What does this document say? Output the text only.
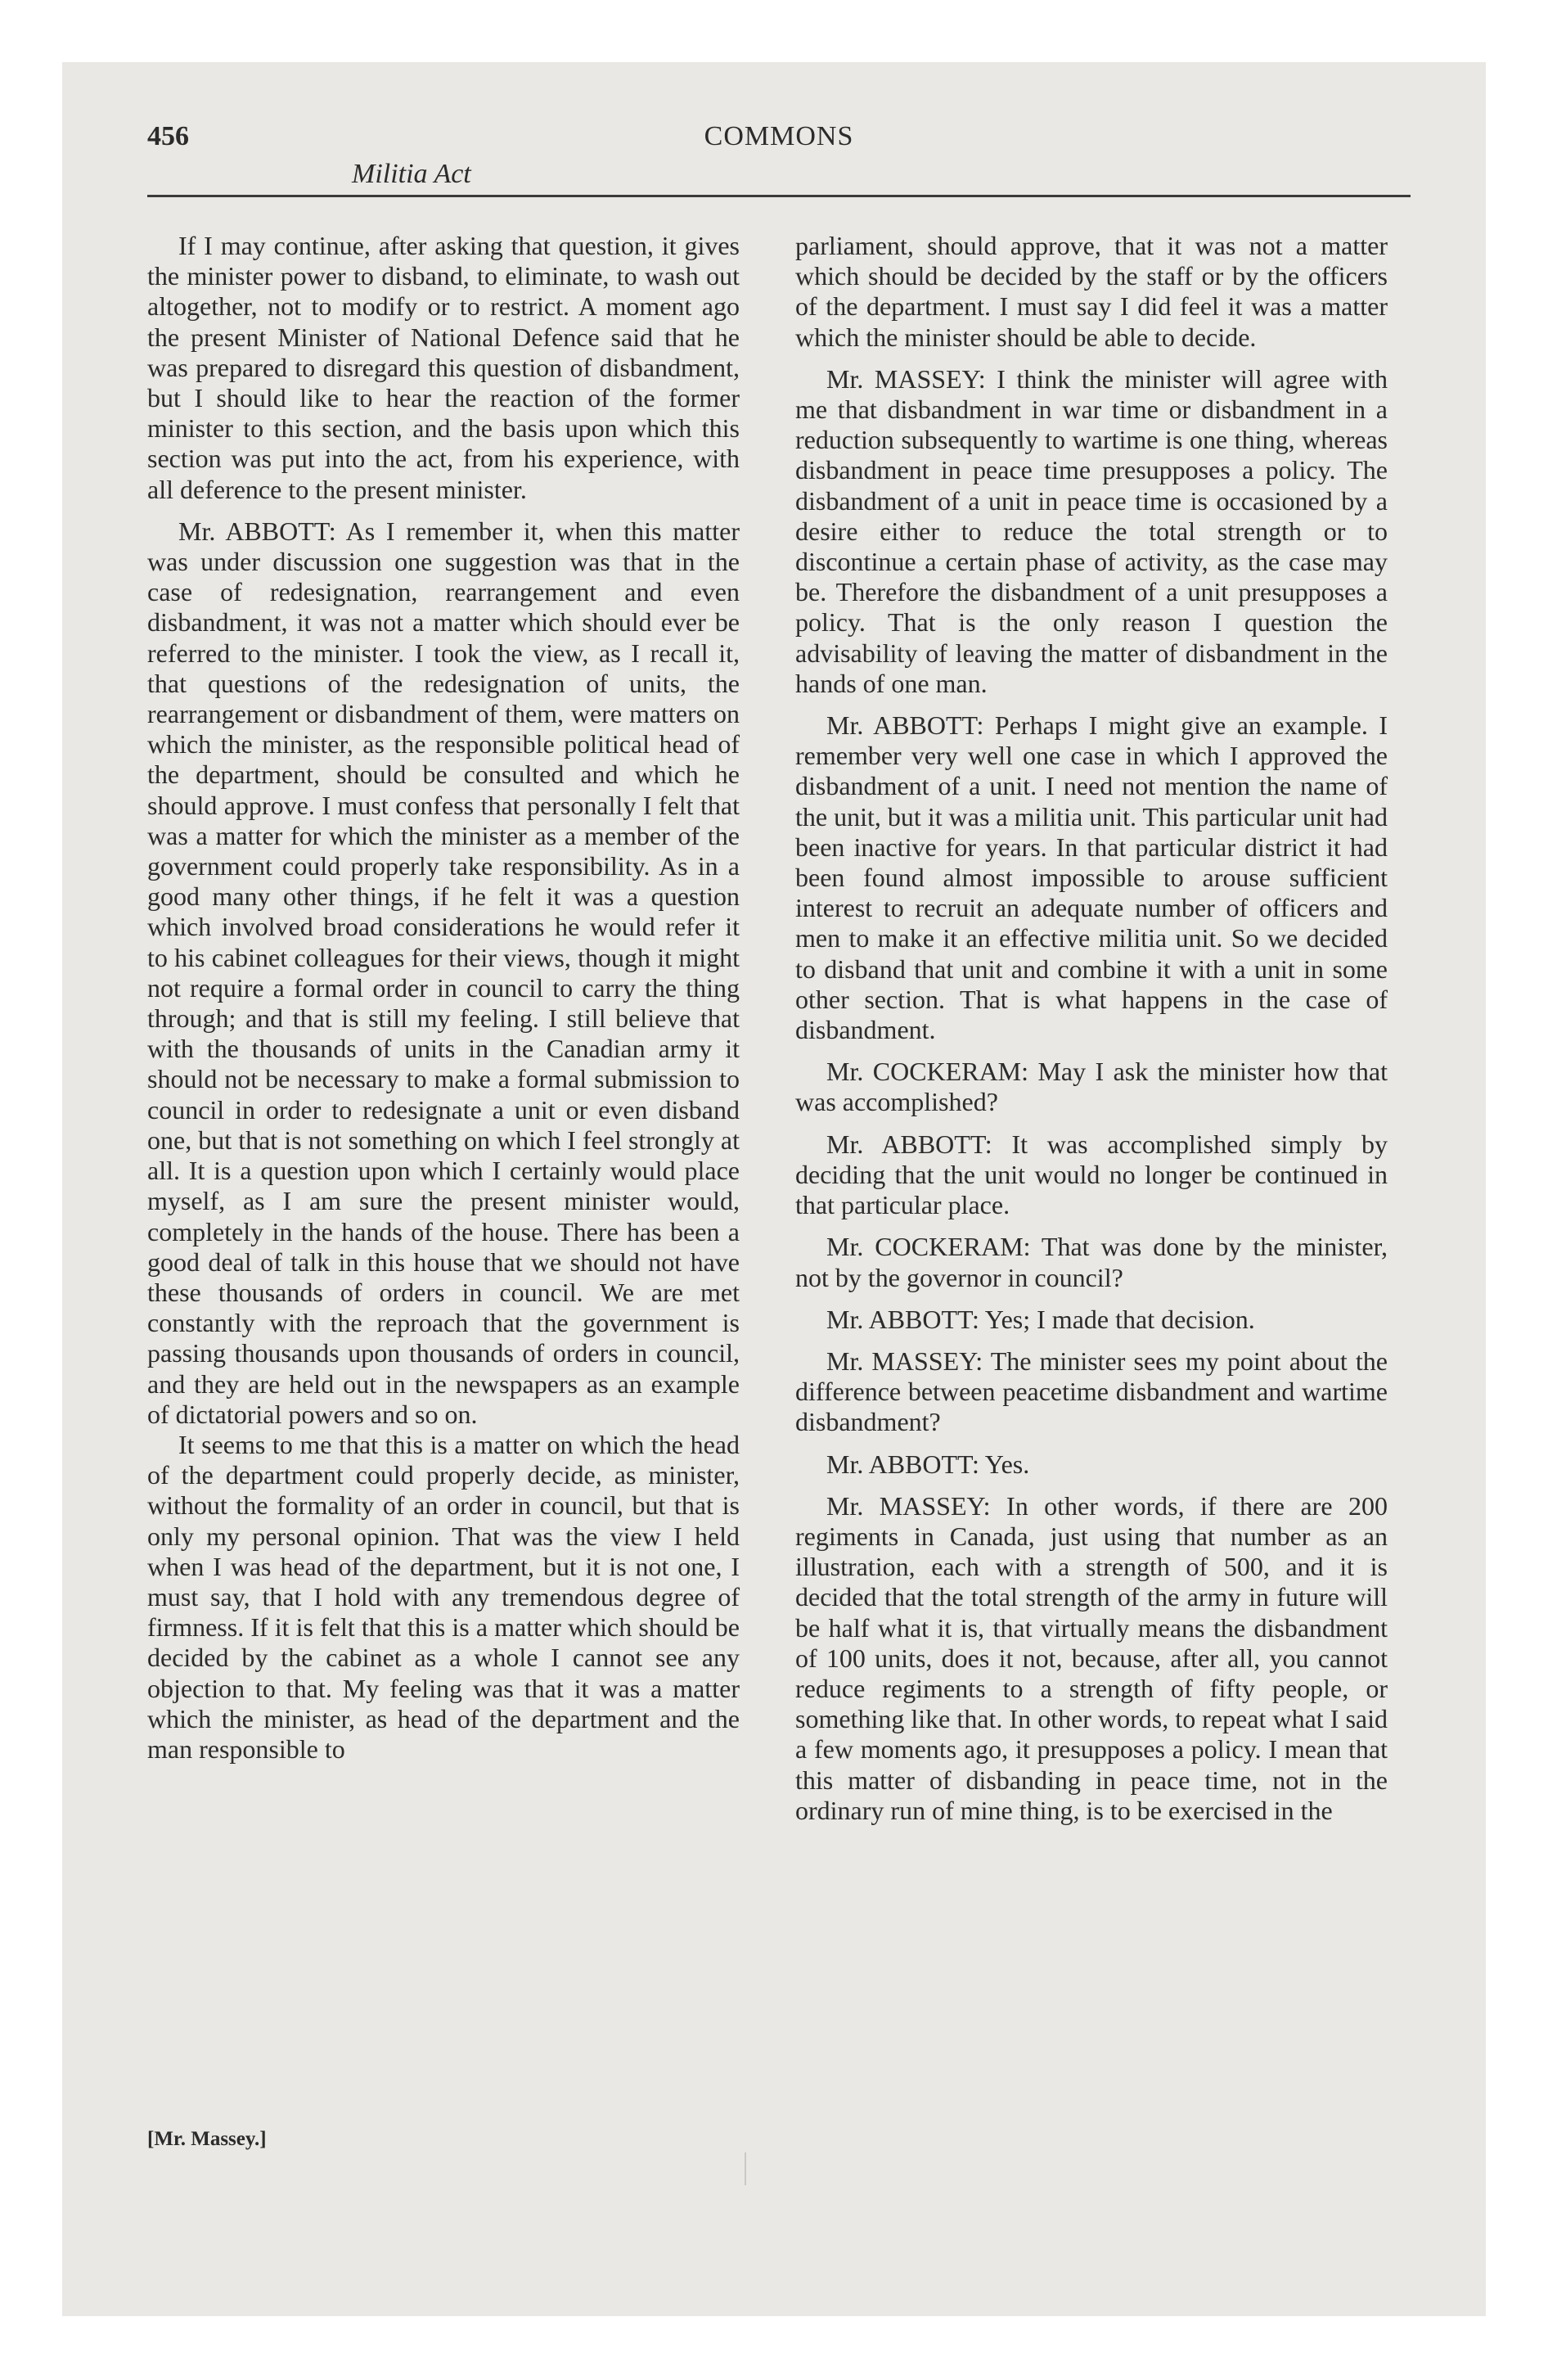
456	COMMONS
Militia Act

If I may continue, after asking that question, it gives the minister power to disband, to eliminate, to wash out altogether, not to modify or to restrict. A moment ago the present Minister of National Defence said that he was prepared to disregard this question of disbandment, but I should like to hear the reaction of the former minister to this section, and the basis upon which this section was put into the act, from his experience, with all deference to the present minister.

Mr. ABBOTT: As I remember it, when this matter was under discussion one suggestion was that in the case of redesignation, rearrangement and even disbandment, it was not a matter which should ever be referred to the minister. I took the view, as I recall it, that questions of the redesignation of units, the rearrangement or disbandment of them, were matters on which the minister, as the responsible political head of the department, should be consulted and which he should approve. I must confess that personally I felt that was a matter for which the minister as a member of the government could properly take responsibility. As in a good many other things, if he felt it was a question which involved broad considerations he would refer it to his cabinet colleagues for their views, though it might not require a formal order in council to carry the thing through; and that is still my feeling. I still believe that with the thousands of units in the Canadian army it should not be necessary to make a formal submission to council in order to redesignate a unit or even disband one, but that is not something on which I feel strongly at all. It is a question upon which I certainly would place myself, as I am sure the present minister would, completely in the hands of the house. There has been a good deal of talk in this house that we should not have these thousands of orders in council. We are met constantly with the reproach that the government is passing thousands upon thousands of orders in council, and they are held out in the newspapers as an example of dictatorial powers and so on.

It seems to me that this is a matter on which the head of the department could properly decide, as minister, without the formality of an order in council, but that is only my personal opinion. That was the view I held when I was head of the department, but it is not one, I must say, that I hold with any tremendous degree of firmness. If it is felt that this is a matter which should be decided by the cabinet as a whole I cannot see any objection to that. My feeling was that it was a matter which the minister, as head of the department and the man responsible to

parliament, should approve, that it was not a matter which should be decided by the staff or by the officers of the department. I must say I did feel it was a matter which the minister should be able to decide.

Mr. MASSEY: I think the minister will agree with me that disbandment in war time or disbandment in a reduction subsequently to wartime is one thing, whereas disbandment in peace time presupposes a policy. The disbandment of a unit in peace time is occasioned by a desire either to reduce the total strength or to discontinue a certain phase of activity, as the case may be. Therefore the disbandment of a unit presupposes a policy. That is the only reason I question the advisability of leaving the matter of disbandment in the hands of one man.

Mr. ABBOTT: Perhaps I might give an example. I remember very well one case in which I approved the disbandment of a unit. I need not mention the name of the unit, but it was a militia unit. This particular unit had been inactive for years. In that particular district it had been found almost impossible to arouse sufficient interest to recruit an adequate number of officers and men to make it an effective militia unit. So we decided to disband that unit and combine it with a unit in some other section. That is what happens in the case of disbandment.

Mr. COCKERAM: May I ask the minister how that was accomplished?

Mr. ABBOTT: It was accomplished simply by deciding that the unit would no longer be continued in that particular place.

Mr. COCKERAM: That was done by the minister, not by the governor in council?

Mr. ABBOTT: Yes; I made that decision.

Mr. MASSEY: The minister sees my point about the difference between peacetime disbandment and wartime disbandment?

Mr. ABBOTT: Yes.

Mr. MASSEY: In other words, if there are 200 regiments in Canada, just using that number as an illustration, each with a strength of 500, and it is decided that the total strength of the army in future will be half what it is, that virtually means the disbandment of 100 units, does it not, because, after all, you cannot reduce regiments to a strength of fifty people, or something like that. In other words, to repeat what I said a few moments ago, it presupposes a policy. I mean that this matter of disbanding in peace time, not in the ordinary run of mine thing, is to be exercised in the

[Mr. Massey.]
